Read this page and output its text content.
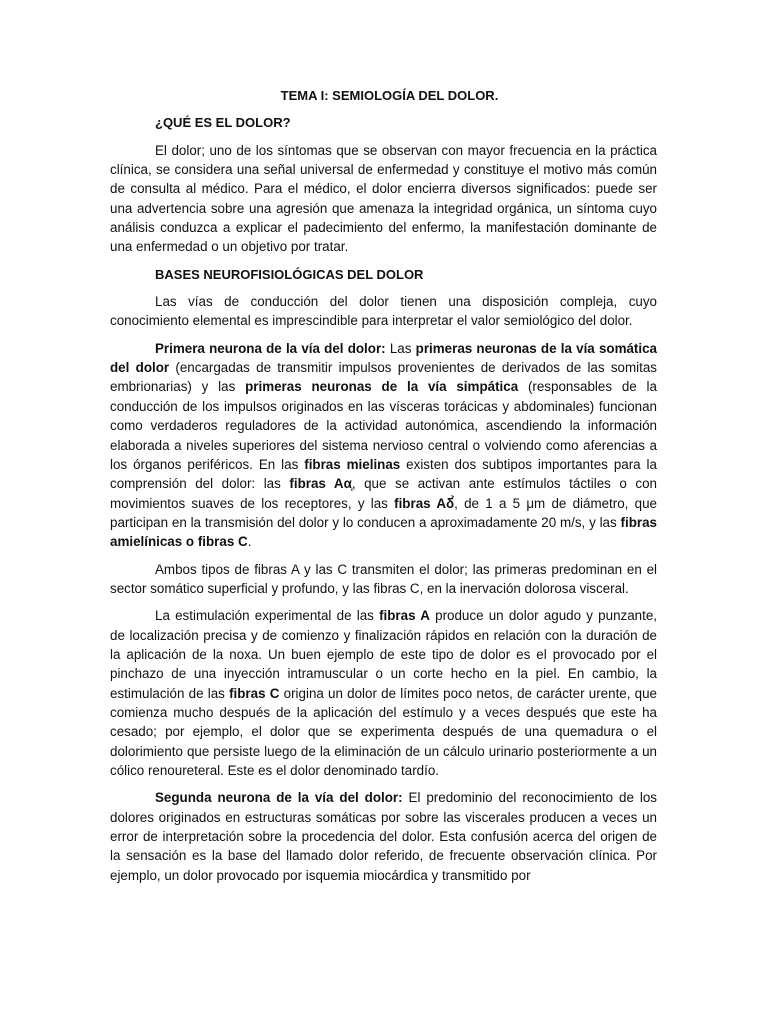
TEMA I: SEMIOLOGÍA DEL DOLOR.
¿QUÉ ES EL DOLOR?

El dolor; uno de los síntomas que se observan con mayor frecuencia en la práctica clínica, se considera una señal universal de enfermedad y constituye el motivo más común de consulta al médico. Para el médico, el dolor encierra diversos significados: puede ser una advertencia sobre una agresión que amenaza la integridad orgánica, un síntoma cuyo análisis conduzca a explicar el padecimiento del enfermo, la manifestación dominante de una enfermedad o un objetivo por tratar.

BASES NEUROFISIOLÓGICAS DEL DOLOR

Las vías de conducción del dolor tienen una disposición compleja, cuyo conocimiento elemental es imprescindible para interpretar el valor semiológico del dolor.

Primera neurona de la vía del dolor: Las primeras neuronas de la vía somática del dolor (encargadas de transmitir impulsos provenientes de derivados de las somitas embrionarias) y las primeras neuronas de la vía simpática (responsables de la conducción de los impulsos originados en las vísceras torácicas y abdominales) funcionan como verdaderos reguladores de la actividad autonómica, ascendiendo la información elaborada a niveles superiores del sistema nervioso central o volviendo como aferencias a los órganos periféricos. En las fibras mielinas existen dos subtipos importantes para la comprensión del dolor: las fibras Aα̜, que se activan ante estímulos táctiles o con movimientos suaves de los receptores, y las fibras Aδ̉, de 1 a 5 μm de diámetro, que participan en la transmisión del dolor y lo conducen a aproximadamente 20 m/s, y las fibras amielínicas o fibras C.

Ambos tipos de fibras A y las C transmiten el dolor; las primeras predominan en el sector somático superficial y profundo, y las fibras C, en la inervación dolorosa visceral.

La estimulación experimental de las fibras A produce un dolor agudo y punzante, de localización precisa y de comienzo y finalización rápidos en relación con la duración de la aplicación de la noxa. Un buen ejemplo de este tipo de dolor es el provocado por el pinchazo de una inyección intramuscular o un corte hecho en la piel. En cambio, la estimulación de las fibras C origina un dolor de límites poco netos, de carácter urente, que comienza mucho después de la aplicación del estímulo y a veces después que este ha cesado; por ejemplo, el dolor que se experimenta después de una quemadura o el dolorimiento que persiste luego de la eliminación de un cálculo urinario posteriormente a un cólico renoureteral. Este es el dolor denominado tardío.

Segunda neurona de la vía del dolor: El predominio del reconocimiento de los dolores originados en estructuras somáticas por sobre las viscerales producen a veces un error de interpretación sobre la procedencia del dolor. Esta confusión acerca del origen de la sensación es la base del llamado dolor referido, de frecuente observación clínica. Por ejemplo, un dolor provocado por isquemia miocárdica y transmitido por
